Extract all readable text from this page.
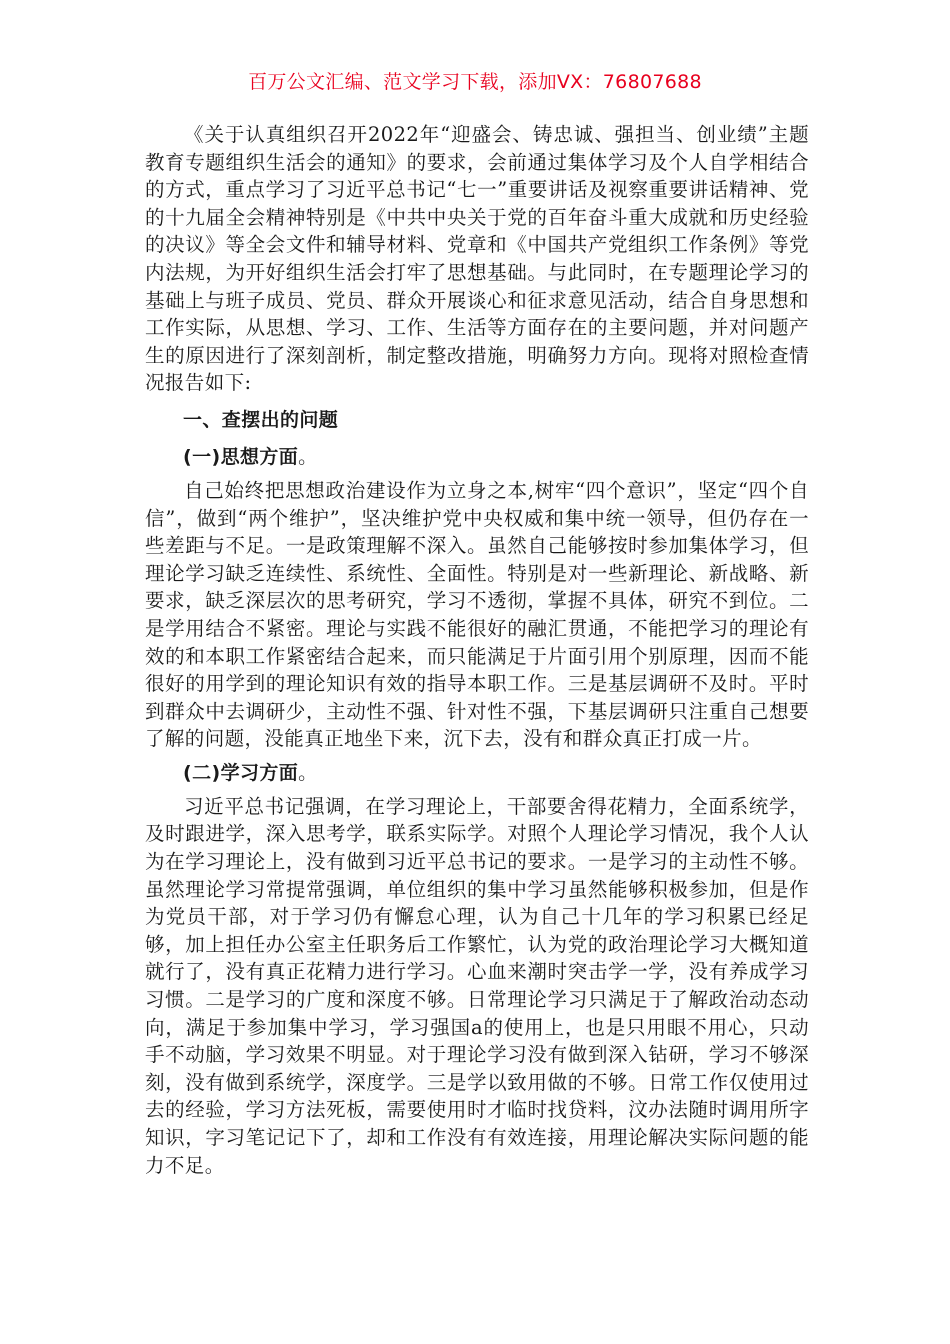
百万公文汇编、范文学习下载，添加VX：76807688

《关于认真组织召开2022年“迎盛会、铸忠诚、强担当、创业绩”主题教育专题组织生活会的通知》的要求，会前通过集体学习及个人自学相结合的方式，重点学习了习近平总书记“七一”重要讲话及视察重要讲话精神、党的十九届全会精神特别是《中共中央关于党的百年奋斗重大成就和历史经验的决议》等全会文件和辅导材料、党章和《中国共产党组织工作条例》等党内法规，为开好组织生活会打牢了思想基础。与此同时，在专题理论学习的基础上与班子成员、党员、群众开展谈心和征求意见活动，结合自身思想和工作实际，从思想、学习、工作、生活等方面存在的主要问题，并对问题产生的原因进行了深刻剖析，制定整改措施，明确努力方向。现将对照检查情况报告如下:

一、查摆出的问题

(一)思想方面。

自己始终把思想政治建设作为立身之本,树牢“四个意识”，坚定“四个自信”，做到“两个维护”，坚决维护党中央权威和集中统一领导，但仍存在一些差距与不足。一是政策理解不深入。虽然自己能够按时参加集体学习，但理论学习缺乏连续性、系统性、全面性。特别是对一些新理论、新战略、新要求，缺乏深层次的思考研究，学习不透彻，掌握不具体，研究不到位。二是学用结合不紧密。理论与实践不能很好的融汇贯通，不能把学习的理论有效的和本职工作紧密结合起来，而只能满足于片面引用个别原理，因而不能很好的用学到的理论知识有效的指导本职工作。三是基层调研不及时。平时到群众中去调研少，主动性不强、针对性不强，下基层调研只注重自己想要了解的问题，没能真正地坐下来，沉下去，没有和群众真正打成一片。

(二)学习方面。

习近平总书记强调，在学习理论上，干部要舍得花精力，全面系统学，及时跟进学，深入思考学，联系实际学。对照个人理论学习情况，我个人认为在学习理论上，没有做到习近平总书记的要求。一是学习的主动性不够。虽然理论学习常提常强调，单位组织的集中学习虽然能够积极参加，但是作为党员干部，对于学习仍有懈怠心理，认为自己十几年的学习积累已经足够，加上担任办公室主任职务后工作繁忙，认为党的政治理论学习大概知道就行了，没有真正花精力进行学习。心血来潮时突击学一学，没有养成学习习惯。二是学习的广度和深度不够。日常理论学习只满足于了解政治动态动向，满足于参加集中学习，学习强国a的使用上，也是只用眼不用心，只动手不动脑，学习效果不明显。对于理论学习没有做到深入钻研，学习不够深刻，没有做到系统学，深度学。三是学以致用做的不够。日常工作仅使用过去的经验，学习方法死板，需要使用时才临时找贷料，汶办法随时调用所字知识，字习笔记记下了，却和工作没有有效连接，用理论解决实际问题的能力不足。
